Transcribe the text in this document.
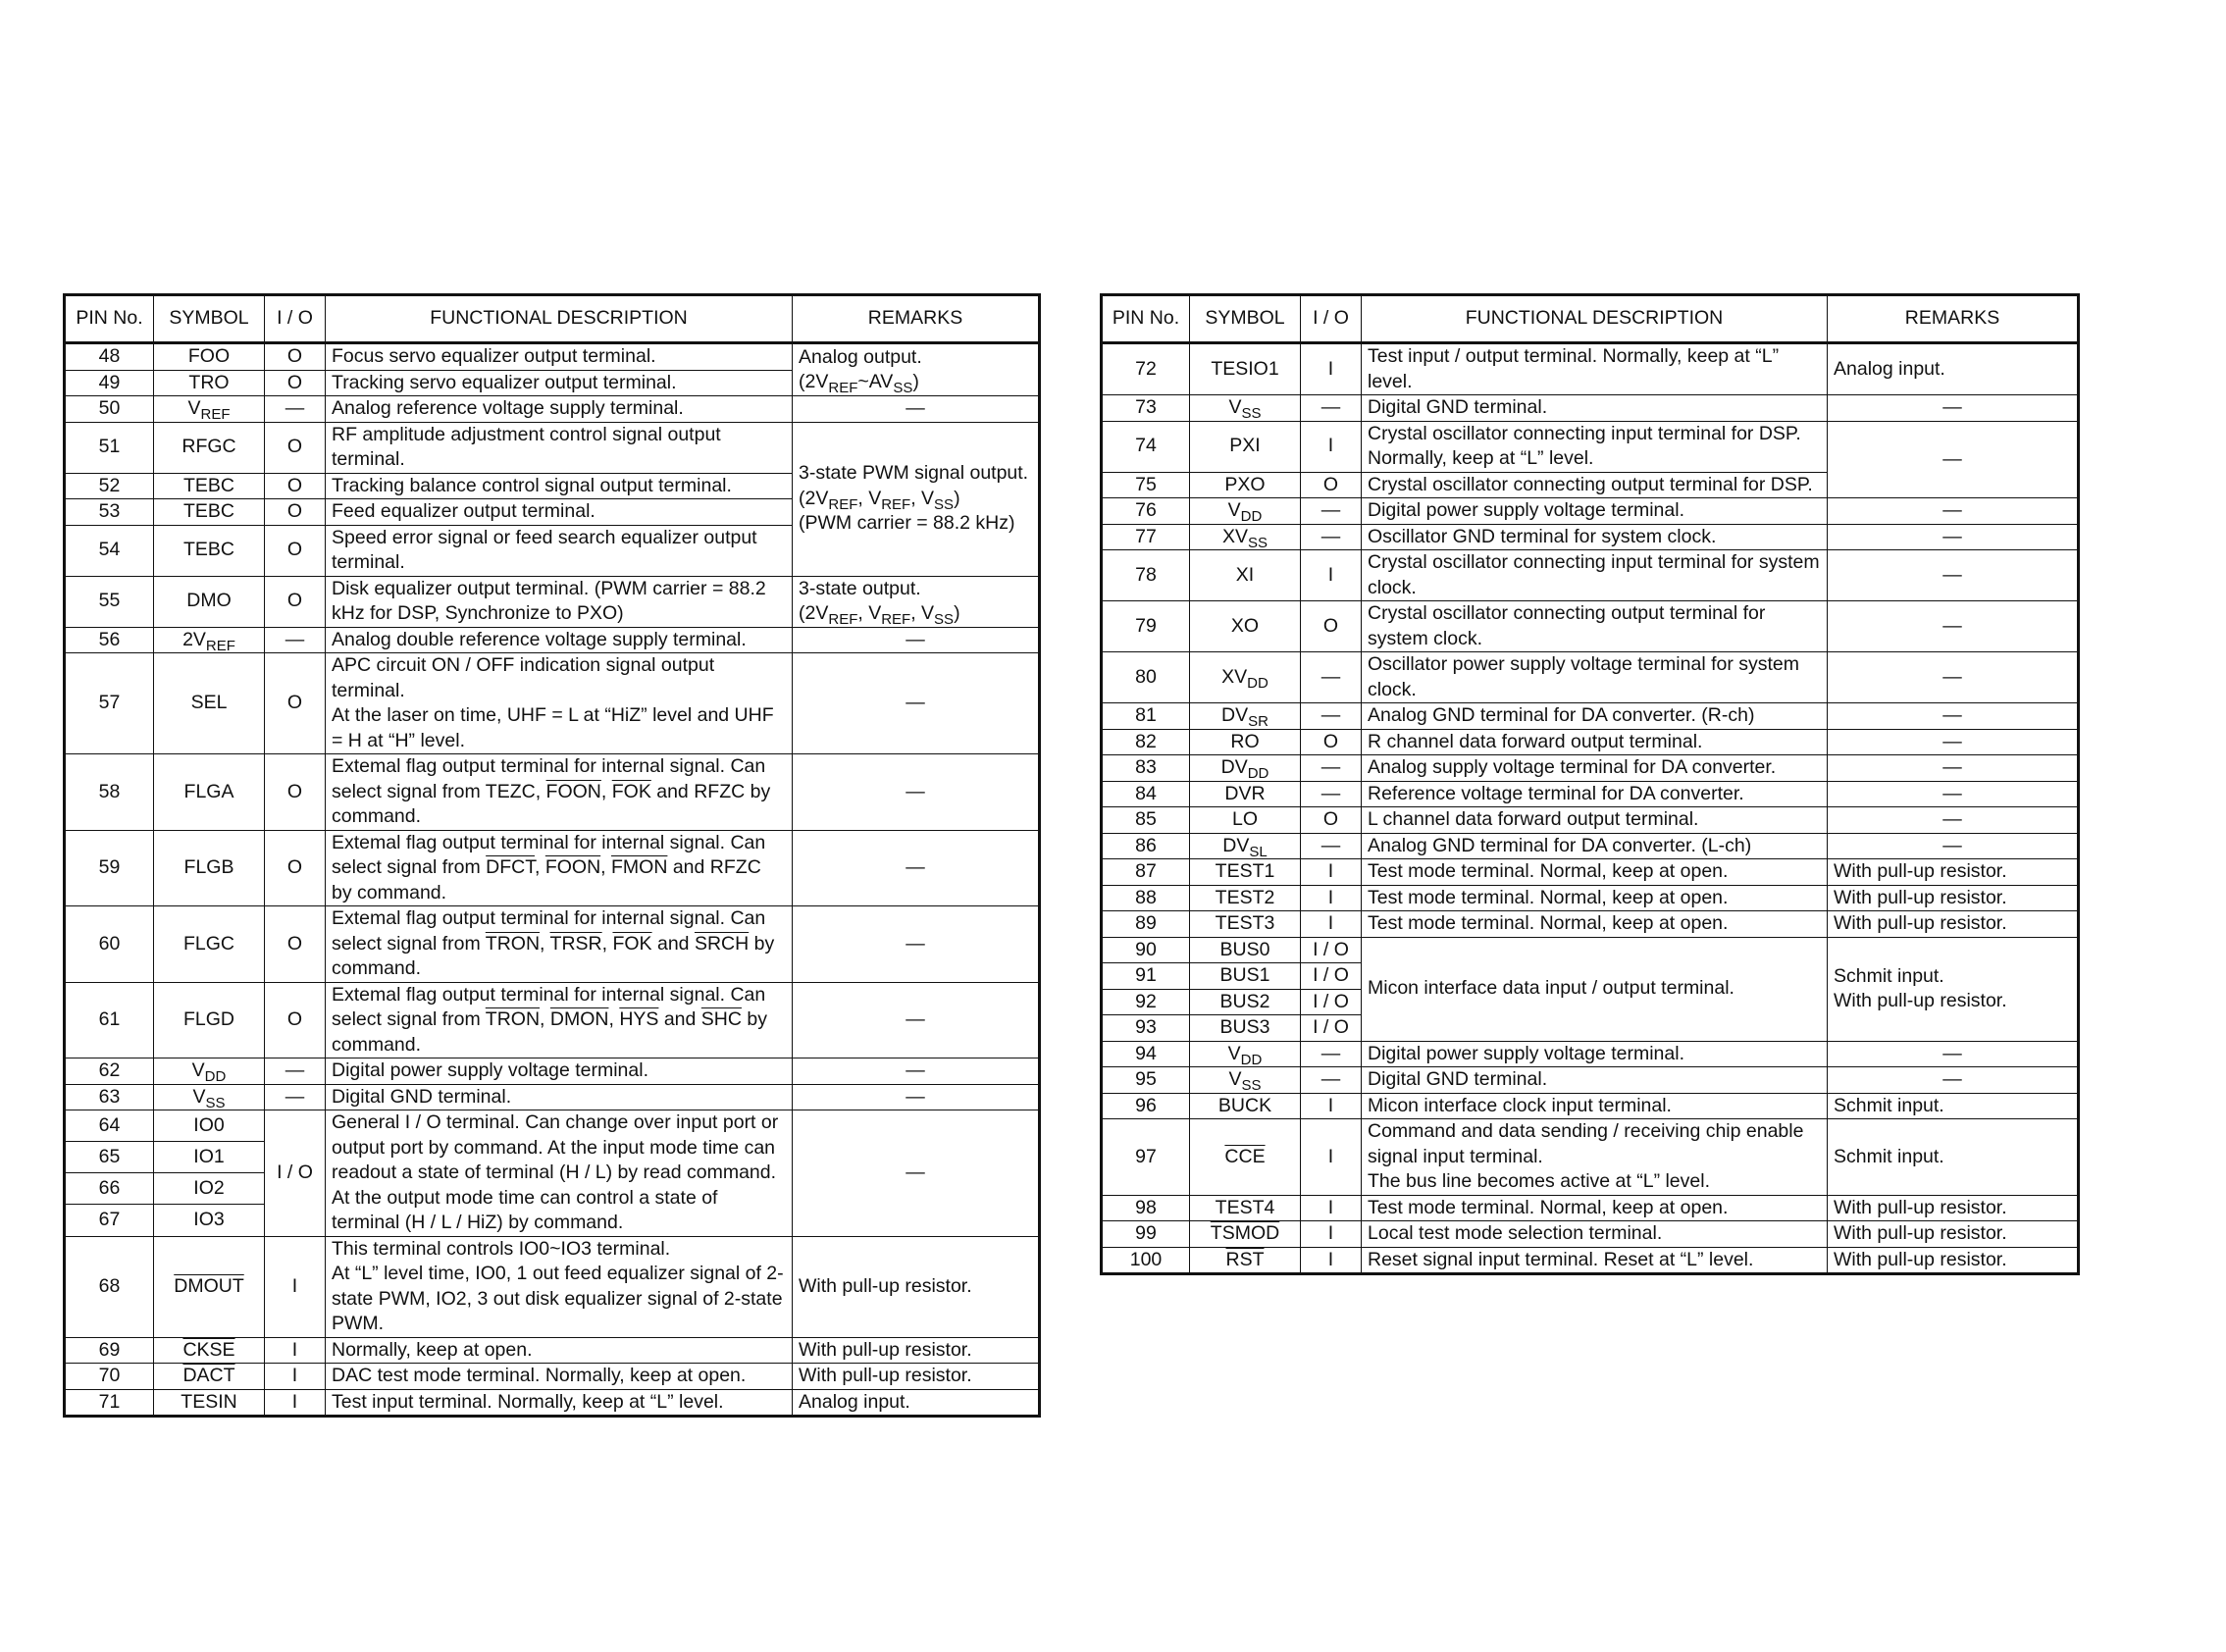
PIN No.	SYMBOL	I / O	FUNCTIONAL DESCRIPTION	REMARKS
48	FOO	O	Focus servo equalizer output terminal.	Analog output.
$(2V_{REF}\sim AV_{SS})$
49	TRO	O	Tracking servo equalizer output terminal.	
50	$V_{REF}$	—	Analog reference voltage supply terminal.	—
51	RFGC	O	RF amplitude adjustment control signal output terminal.	3-state PWM signal output.
($2V_{REF}$, $V_{REF}$, $V_{SS}$)
(PWM carrier = 88.2 kHz)
52	TEBC	O	Tracking balance control signal output terminal.	
53	TEBC	O	Feed equalizer output terminal.	
54	TEBC	O	Speed error signal or feed search equalizer output terminal.	
55	DMO	O	Disk equalizer output terminal. (PWM carrier = 88.2 kHz for DSP, Synchronize to PXO)	3-state output.
($2V_{REF}$, $V_{REF}$, $V_{SS}$)
56	$2V_{REF}$	—	Analog double reference voltage supply terminal.	—
57	SEL	O	APC circuit ON / OFF indication signal output terminal.
At the laser on time, UHF = L at “HiZ” level and UHF = H at “H” level.	—
58	FLGA	O	Extemal flag output terminal for internal signal. Can select signal from TEZC, FOON, $\overline{FOK}$ and RFZC by command.	—
59	FLGB	O	Extemal flag output terminal for internal signal. Can select signal from DFCT, FOON, FMON and RFZC by command.	—
60	FLGC	O	Extemal flag output terminal for internal signal. Can select signal from TRON, TRSR, $\overline{FOK}$ and SRCH by command.	—
61	FLGD	O	Extemal flag output terminal for internal signal. Can select signal from TRON, DMON, $\overline{HYS}$ and $\overline{SHC}$ by command.	—
62	$V_{DD}$	—	Digital power supply voltage terminal.	—
63	$V_{SS}$	—	Digital GND terminal.	—
64	IO0	I / O	General I / O terminal. Can change over input port or output port by command. At the input mode time can readout a state of terminal (H / L) by read command. At the output mode time can control a state of terminal (H / L / HiZ) by command.	—
65	IO1			
66	IO2			
67	IO3			
68	DMOUT	I	This terminal controls IO0~IO3 terminal.
At “L” level time, IO0, 1 out feed equalizer signal of 2-state PWM, IO2, 3 out disk equalizer signal of 2-state PWM.	With pull-up resistor.
69	CKSE	I	Normally, keep at open.	With pull-up resistor.
70	DACT	I	DAC test mode terminal. Normally, keep at open.	With pull-up resistor.
71	TESIN	I	Test input terminal. Normally, keep at “L” level.	Analog input.
PIN No.	SYMBOL	I / O	FUNCTIONAL DESCRIPTION	REMARKS
72	TESIO1	I	Test input / output terminal. Normally, keep at “L” level.	Analog input.
73	$V_{SS}$	—	Digital GND terminal.	—
74	PXI	I	Crystal oscillator connecting input terminal for DSP.
Normally, keep at “L” level.	—
75	PXO	O	Crystal oscillator connecting output terminal for DSP.	
76	$V_{DD}$	—	Digital power supply voltage terminal.	—
77	$XV_{SS}$	—	Oscillator GND terminal for system clock.	—
78	XI	I	Crystal oscillator connecting input terminal for system clock.	—
79	XO	O	Crystal oscillator connecting output terminal for system clock.	—
80	$XV_{DD}$	—	Oscillator power supply voltage terminal for system clock.	—
81	$DV_{SR}$	—	Analog GND terminal for DA converter. (R-ch)	—
82	RO	O	R channel data forward output terminal.	—
83	$DV_{DD}$	—	Analog supply voltage terminal for DA converter.	—
84	DVR	—	Reference voltage terminal for DA converter.	—
85	LO	O	L channel data forward output terminal.	—
86	$DV_{SL}$	—	Analog GND terminal for DA converter. (L-ch)	—
87	TEST1	I	Test mode terminal. Normal, keep at open.	With pull-up resistor.
88	TEST2	I	Test mode terminal. Normal, keep at open.	With pull-up resistor.
89	TEST3	I	Test mode terminal. Normal, keep at open.	With pull-up resistor.
90	BUS0	I / O	Micon interface data input / output terminal.	Schmit input.
With pull-up resistor.
91	BUS1	I / O		
92	BUS2	I / O		
93	BUS3	I / O		
94	$V_{DD}$	—	Digital power supply voltage terminal.	—
95	$V_{SS}$	—	Digital GND terminal.	—
96	BUCK	I	Micon interface clock input terminal.	Schmit input.
97	$\overline{CCE}$	I	Command and data sending / receiving chip enable signal input terminal.
The bus line becomes active at “L” level.	Schmit input.
98	TEST4	I	Test mode terminal. Normal, keep at open.	With pull-up resistor.
99	TSMOD	I	Local test mode selection terminal.	With pull-up resistor.
100	$\overline{RST}$	I	Reset signal input terminal. Reset at “L” level.	With pull-up resistor.
